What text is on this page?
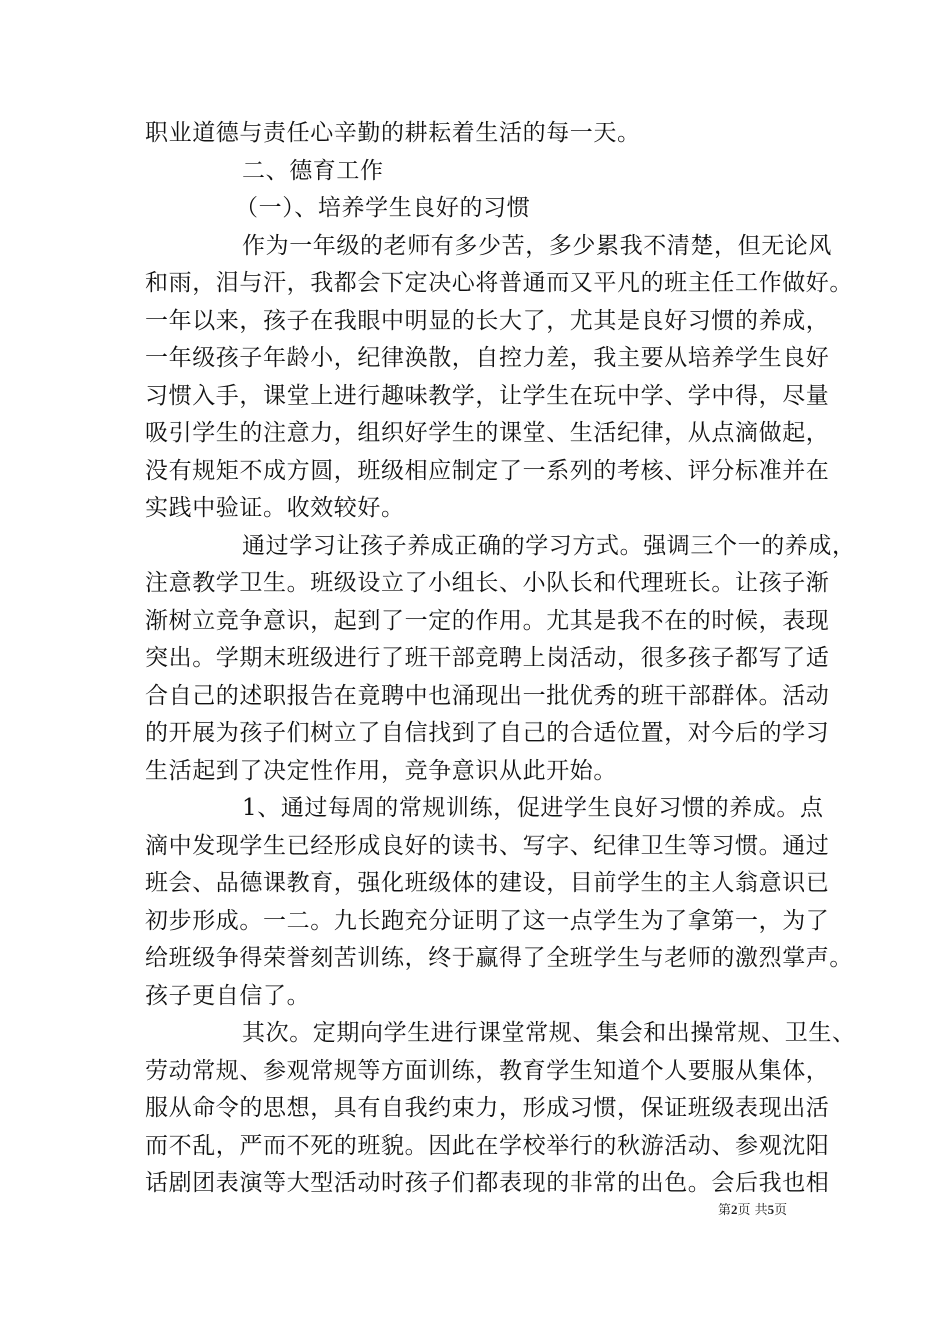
职业道德与责任心辛勤的耕耘着生活的每一天。
二、德育工作
（一）、培养学生良好的习惯
作为一年级的老师有多少苦，多少累我不清楚，但无论风
和雨，泪与汗，我都会下定决心将普通而又平凡的班主任工作做好。
一年以来，孩子在我眼中明显的长大了，尤其是良好习惯的养成，
一年级孩子年龄小，纪律涣散，自控力差，我主要从培养学生良好
习惯入手，课堂上进行趣味教学，让学生在玩中学、学中得，尽量
吸引学生的注意力，组织好学生的课堂、生活纪律，从点滴做起，
没有规矩不成方圆，班级相应制定了一系列的考核、评分标准并在
实践中验证。收效较好。
通过学习让孩子养成正确的学习方式。强调三个一的养成，
注意教学卫生。班级设立了小组长、小队长和代理班长。让孩子渐
渐树立竞争意识，起到了一定的作用。尤其是我不在的时候，表现
突出。学期末班级进行了班干部竞聘上岗活动，很多孩子都写了适
合自己的述职报告在竟聘中也涌现出一批优秀的班干部群体。活动
的开展为孩子们树立了自信找到了自己的合适位置，对今后的学习
生活起到了决定性作用，竞争意识从此开始。
1、通过每周的常规训练，促进学生良好习惯的养成。点
滴中发现学生已经形成良好的读书、写字、纪律卫生等习惯。通过
班会、品德课教育，强化班级体的建设，目前学生的主人翁意识已
初步形成。一二。九长跑充分证明了这一点学生为了拿第一，为了
给班级争得荣誉刻苦训练，终于赢得了全班学生与老师的激烈掌声。
孩子更自信了。
其次。定期向学生进行课堂常规、集会和出操常规、卫生、
劳动常规、参观常规等方面训练，教育学生知道个人要服从集体，
服从命令的思想，具有自我约束力，形成习惯，保证班级表现出活
而不乱，严而不死的班貌。因此在学校举行的秋游活动、参观沈阳
话剧团表演等大型活动时孩子们都表现的非常的出色。会后我也相
第2页 共5页
